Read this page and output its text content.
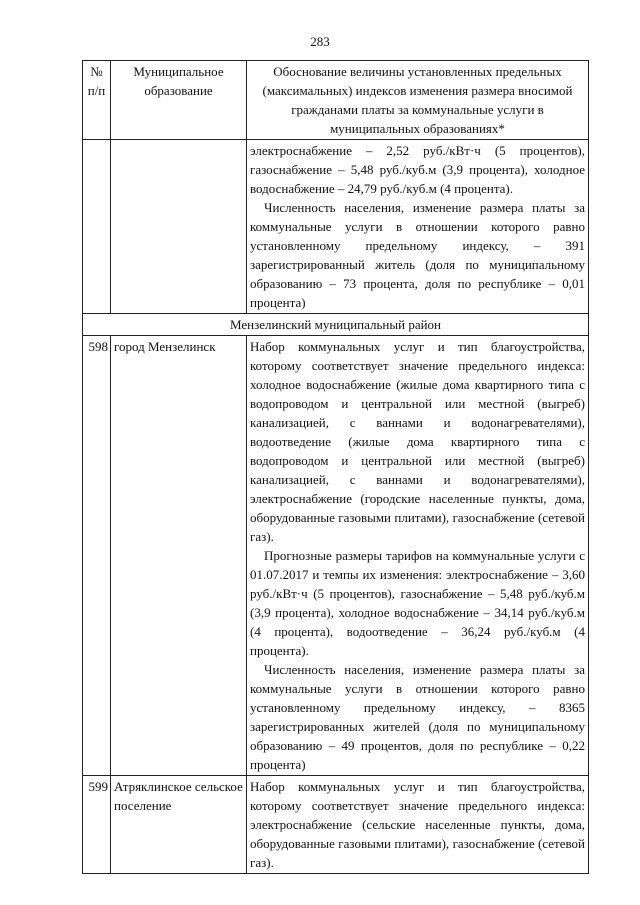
283
№ п/п	Муниципальное образование	Обоснование величины установленных предельных (максимальных) индексов изменения размера вносимой гражданами платы за коммунальные услуги в муниципальных образованиях*

		электроснабжение – 2,52 руб./кВт·ч (5 процентов), газоснабжение – 5,48 руб./куб.м (3,9 процента), холодное водоснабжение – 24,79 руб./куб.м (4 процента).
Численность населения, изменение размера платы за коммунальные услуги в отношении которого равно установленному предельному индексу, – 391 зарегистрированный житель (доля по муниципальному образованию – 73 процента, доля по республике – 0,01 процента)

Мензелинский муниципальный район		
598	город Мензелинск	Набор коммунальных услуг и тип благоустройства, которому соответствует значение предельного индекса: холодное водоснабжение (жилые дома квартирного типа с водопроводом и центральной или местной (выгреб) канализацией, с ваннами и водонагревателями), водоотведение (жилые дома квартирного типа с водопроводом и центральной или местной (выгреб) канализацией, с ваннами и водонагревателями), электроснабжение (городские населенные пункты, дома, оборудованные газовыми плитами), газоснабжение (сетевой газ).
Прогнозные размеры тарифов на коммунальные услуги с 01.07.2017 и темпы их изменения: электроснабжение – 3,60 руб./кВт·ч (5 процентов), газоснабжение – 5,48 руб./куб.м (3,9 процента), холодное водоснабжение – 34,14 руб./куб.м (4 процента), водоотведение – 36,24 руб./куб.м (4 процента).
Численность населения, изменение размера платы за коммунальные услуги в отношении которого равно установленному предельному индексу, – 8365 зарегистрированных жителей (доля по муниципальному образованию – 49 процентов, доля по республике – 0,22 процента)

599	Атряклинское сельское поселение	Набор коммунальных услуг и тип благоустройства, которому соответствует значение предельного индекса: электроснабжение (сельские населенные пункты, дома, оборудованные газовыми плитами), газоснабжение (сетевой газ).
